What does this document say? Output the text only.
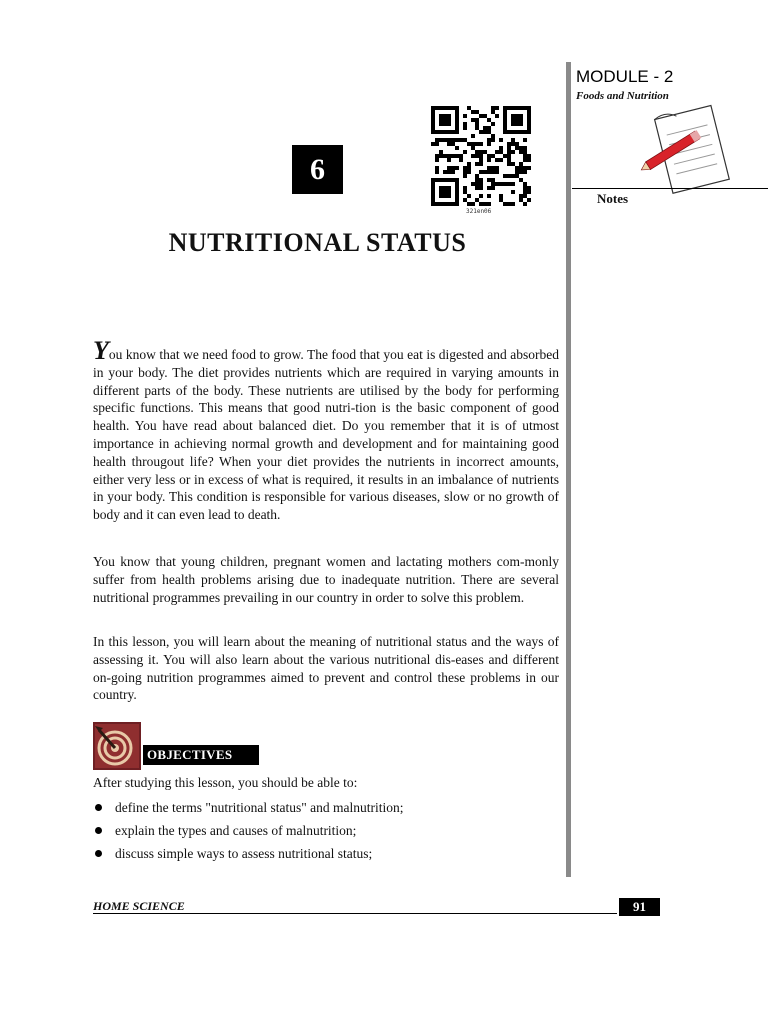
MODULE - 2
Foods and Nutrition
Notes
6
321en06
NUTRITIONAL STATUS

You know that we need food to grow. The food that you eat is digested and absorbed in your body. The diet provides nutrients which are required in varying amounts in different parts of the body. These nutrients are utilised by the body for performing specific functions. This means that good nutri-tion is the basic component of good health. You have read about balanced diet. Do you remember that it is of utmost importance in achieving normal growth and development and for maintaining good health througout life? When your diet provides the nutrients in incorrect amounts, either very less or in excess of what is required, it results in an imbalance of nutrients in your body. This condition is responsible for various diseases, slow or no growth of body and it can even lead to death.

You know that young children, pregnant women and lactating mothers com-monly suffer from health problems arising due to inadequate nutrition. There are several nutritional programmes prevailing in our country in order to solve this problem.

In this lesson, you will learn about the meaning of nutritional status and the ways of assessing it. You will also learn about the various nutritional dis-eases and different on-going nutrition programmes aimed to prevent and control these problems in our country.

OBJECTIVES
After studying this lesson, you should be able to:
define the terms "nutritional status" and malnutrition;
explain the types and causes of malnutrition;
discuss simple ways to assess nutritional status;
HOME SCIENCE	91
